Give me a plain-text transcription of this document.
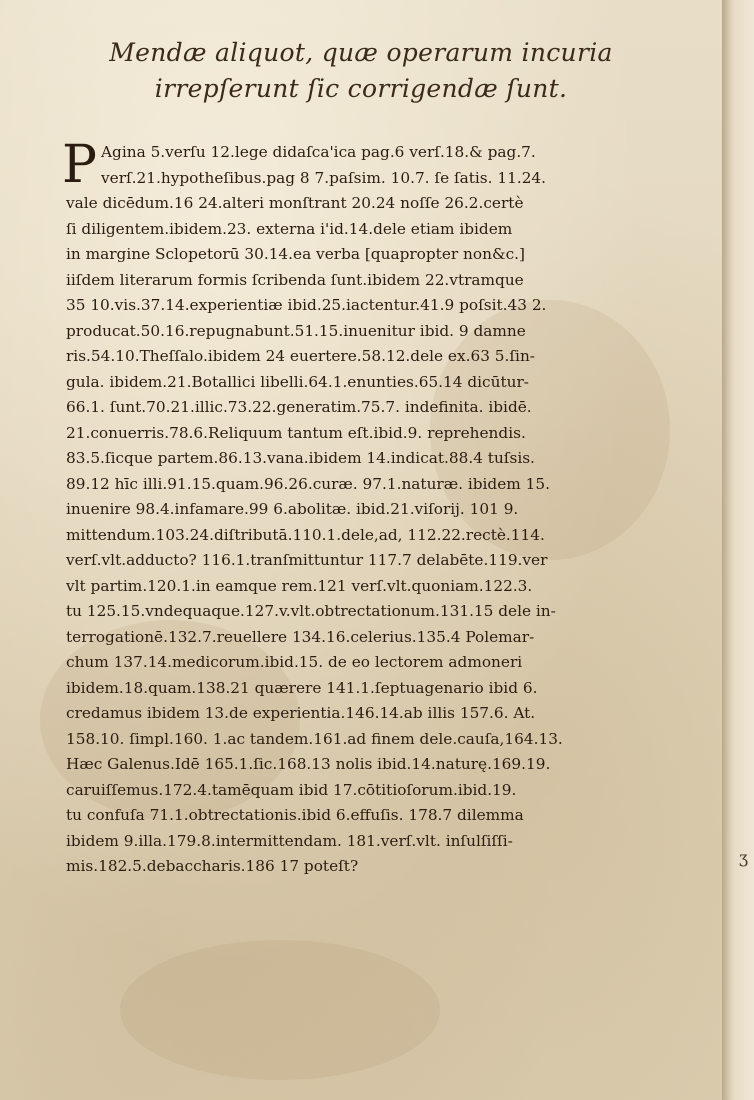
Mendæ aliquot, quæ operarum incuria
irrepſerunt ſic corrigendæ ſunt.
P Agina 5.verſu 12.lege didaſca'ica pag.6 verſ.18.& pag.7.
verſ.21.hypotheſibus.pag 8 7.paſsim. 10.7. ſe ſatis. 11.24.
vale dicēdum.16 24.alteri monſtrant 20.24 noſſe 26.2.certè
ſi diligentem.ibidem.23. externa i'id.14.dele etiam ibidem
in margine Sclopetorū 30.14.ea verba [quapropter non&c.]
iiſdem literarum formis ſcribenda ſunt.ibidem 22.vtramque
35 10.vis.37.14.experientiæ ibid.25.iactentur.41.9 poſsit.43 2.
producat.50.16.repugnabunt.51.15.inuenitur ibid. 9 damne
ris.54.10.Theſſalo.ibidem 24 euertere.58.12.dele ex.63 5.ſin-
gula. ibidem.21.Botallici libelli.64.1.enunties.65.14 dicūtur-
66.1. ſunt.70.21.illic.73.22.generatim.75.7. indefinita. ibidē.
21.conuerris.78.6.Reliquum tantum eſt.ibid.9. reprehendis.
83.5.ſicque partem.86.13.vana.ibidem 14.indicat.88.4 tuſsis.
89.12 hīc illi.91.15.quam.96.26.curæ. 97.1.naturæ. ibidem 15.
inuenire 98.4.infamare.99 6.abolitæ. ibid.21.viſorij. 101 9.
mittendum.103.24.diſtributā.110.1.dele,ad, 112.22.rectè.114.
verſ.vlt.adducto? 116.1.tranſmittuntur 117.7 delabēte.119.ver
vlt partim.120.1.in eamque rem.121 verſ.vlt.quoniam.122.3.
tu 125.15.vndequaque.127.v.vlt.obtrectationum.131.15 dele in-
terrogationē.132.7.reuellere 134.16.celerius.135.4 Polemar-
chum 137.14.medicorum.ibid.15. de eo lectorem admoneri
ibidem.18.quam.138.21 quærere 141.1.ſeptuagenario ibid 6.
credamus ibidem 13.de experientia.146.14.ab illis 157.6. At.
158.10. ſimpl.160. 1.ac tandem.161.ad finem dele.cauſa,164.13.
Hæc Galenus.Idē 165.1.ſic.168.13 nolis ibid.14.naturę.169.19.
caruiſſemus.172.4.tamēquam ibid 17.cōtitioſorum.ibid.19.
tu confuſa 71.1.obtrectationis.ibid 6.effuſis. 178.7 dilemma
ibidem 9.illa.179.8.intermittendam. 181.verſ.vlt. inſulſiſſi-
mis.182.5.debaccharis.186 17 poteſt?	ʒ
